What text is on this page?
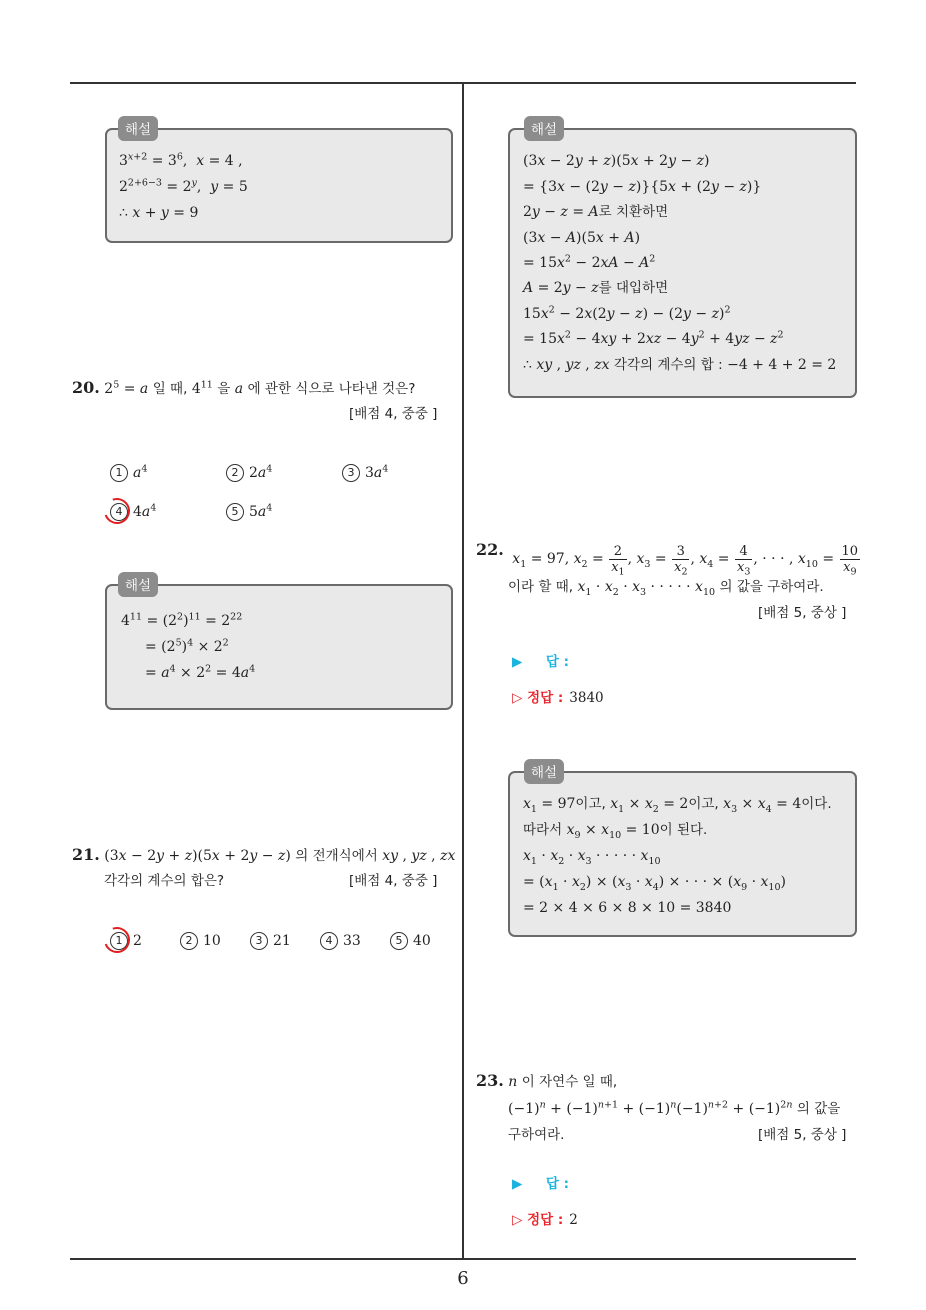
$3^{x+2} = 3^6$,  x = 4 ,
$2^{2+6-3} = 2^y$,  y = 5
∴ x + y = 9
해설
20. $2^5 = a$ 일 때, $4^{11}$ 을 a 에 관한 식으로 나타낸 것은?
[배점 4, 중중 ]
1 $a^4$	2 $2a^4$	3 $3a^4$
4 $4a^4$	5 $5a^4$
$4^{11} = (2^2)^{11} = 2^{22}$
= $(2^5)^4 \times 2^2$
= $a^4 \times 2^2 = 4a^4$
해설
21. (3x − 2y + z)(5x + 2y − z) 의 전개식에서 xy , yz , zx
각각의 계수의 합은?	[배점 4, 중중 ]
1 2	2 10	3 21	4 33	5 40
(3x − 2y + z)(5x + 2y − z)
= {3x − (2y − z)}{5x + (2y − z)}
2y − z = A로 치환하면
(3x − A)(5x + A)
= $15x^2 - 2xA - A^2$
A = 2y − z를 대입하면
$15x^2 - 2x(2y - z) - (2y - z)^2$
= $15x^2 - 4xy + 2xz - 4y^2 + 4yz - z^2$
∴ xy , yz , zx 각각의 계수의 합 : −4 + 4 + 2 = 2
해설
22. $x_1 = 97$, $x_2 = \frac{2}{x_1}$ , $x_3 = \frac{3}{x_2}$ , $x_4 = \frac{4}{x_3}$ , · · · , $x_{10} = \frac{10}{x_9}$
이라 할 때, $x_1 \cdot x_2 \cdot x_3$ · · · · · $x_{10}$ 의 값을 구하여라.
[배점 5, 중상 ]
▶ 답 :
▷ 정답 : 3840
$x_1 = 97$이고, $x_1 \times x_2 = 2$이고, $x_3 \times x_4 = 4$이다.
따라서 $x_9 \times x_{10} = 10$이 된다.
$x_1 \cdot x_2 \cdot x_3$ · · · · · $x_{10}$
= $(x_1 \cdot x_2) \times (x_3 \cdot x_4)$ × · · · × $(x_9 \cdot x_{10})$
= 2 × 4 × 6 × 8 × 10 = 3840
해설
23. n 이 자연수 일 때,
$(-1)^n + (-1)^{n+1} + (-1)^n(-1)^{n+2} + (-1)^{2n}$ 의 값을
구하여라.	[배점 5, 중상 ]
▶ 답 :
▷ 정답 : 2
6
